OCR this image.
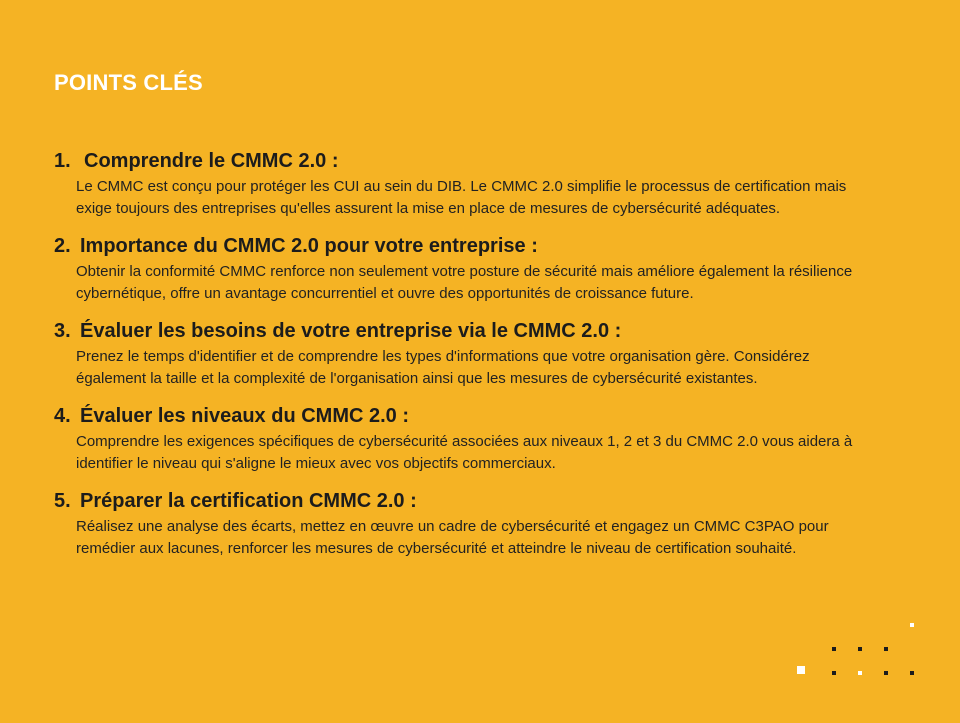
POINTS CLÉS
1. Comprendre le CMMC 2.0 :
Le CMMC est conçu pour protéger les CUI au sein du DIB. Le CMMC 2.0 simplifie le processus de certification mais exige toujours des entreprises qu'elles assurent la mise en place de mesures de cybersécurité adéquates.
2. Importance du CMMC 2.0 pour votre entreprise :
Obtenir la conformité CMMC renforce non seulement votre posture de sécurité mais améliore également la résilience cybernétique, offre un avantage concurrentiel et ouvre des opportunités de croissance future.
3. Évaluer les besoins de votre entreprise via le CMMC 2.0 :
Prenez le temps d'identifier et de comprendre les types d'informations que votre organisation gère. Considérez également la taille et la complexité de l'organisation ainsi que les mesures de cybersécurité existantes.
4. Évaluer les niveaux du CMMC 2.0 :
Comprendre les exigences spécifiques de cybersécurité associées aux niveaux 1, 2 et 3 du CMMC 2.0 vous aidera à identifier le niveau qui s'aligne le mieux avec vos objectifs commerciaux.
5. Préparer la certification CMMC 2.0 :
Réalisez une analyse des écarts, mettez en œuvre un cadre de cybersécurité et engagez un CMMC C3PAO pour remédier aux lacunes, renforcer les mesures de cybersécurité et atteindre le niveau de certification souhaité.
